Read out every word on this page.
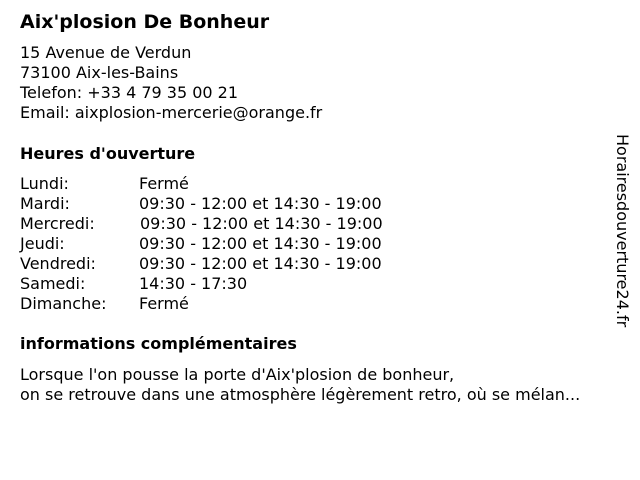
Aix'plosion De Bonheur
15 Avenue de Verdun
73100 Aix-les-Bains
Telefon: +33 4 79 35 00 21
Email: aixplosion-mercerie@orange.fr
Heures d'ouverture
Lundi:	Fermé
Mardi:	09:30 - 12:00 et 14:30 - 19:00
Mercredi:	09:30 - 12:00 et 14:30 - 19:00
Jeudi:	09:30 - 12:00 et 14:30 - 19:00
Vendredi:	09:30 - 12:00 et 14:30 - 19:00
Samedi:	14:30 - 17:30
Dimanche: Fermé
informations complémentaires
Lorsque l'on pousse la porte d'Aix'plosion de bonheur,
on se retrouve dans une atmosphère légèrement retro, où se mélan...
Horairesdouverture24.fr
